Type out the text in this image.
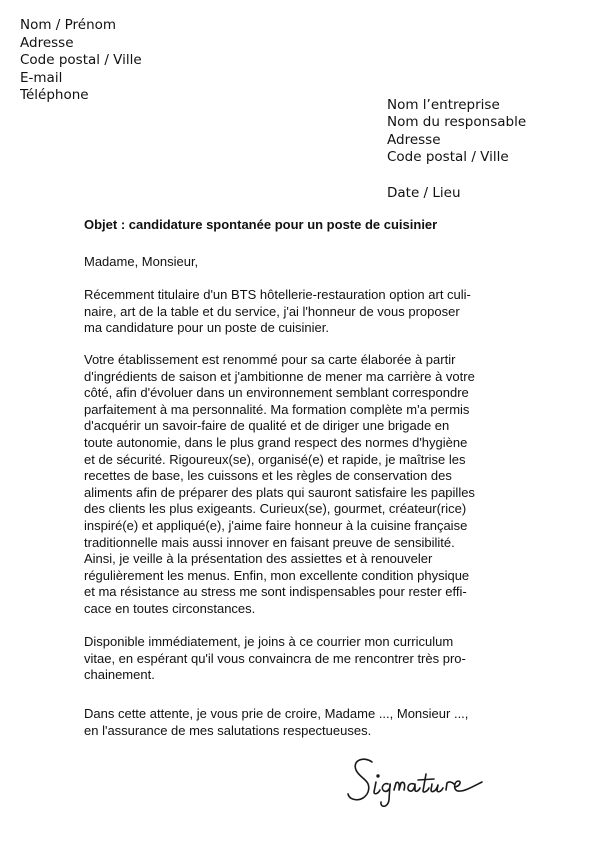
Nom / Prénom
Adresse
Code postal / Ville
E-mail
Téléphone
Nom l’entreprise
Nom du responsable
Adresse
Code postal / Ville
Date / Lieu
Objet : candidature spontanée pour un poste de cuisinier
Madame, Monsieur,
Récemment titulaire d'un BTS hôtellerie-restauration option art culi-
naire, art de la table et du service, j'ai l'honneur de vous proposer
ma candidature pour un poste de cuisinier.
Votre établissement est renommé pour sa carte élaborée à partir
d'ingrédients de saison et j'ambitionne de mener ma carrière à votre
côté, afin d'évoluer dans un environnement semblant correspondre
parfaitement à ma personnalité. Ma formation complète m'a permis
d'acquérir un savoir-faire de qualité et de diriger une brigade en
toute autonomie, dans le plus grand respect des normes d'hygiène
et de sécurité. Rigoureux(se), organisé(e) et rapide, je maîtrise les
recettes de base, les cuissons et les règles de conservation des
aliments afin de préparer des plats qui sauront satisfaire les papilles
des clients les plus exigeants. Curieux(se), gourmet, créateur(rice)
inspiré(e) et appliqué(e), j'aime faire honneur à la cuisine française
traditionnelle mais aussi innover en faisant preuve de sensibilité.
Ainsi, je veille à la présentation des assiettes et à renouveler
régulièrement les menus. Enfin, mon excellente condition physique
et ma résistance au stress me sont indispensables pour rester effi-
cace en toutes circonstances.
Disponible immédiatement, je joins à ce courrier mon curriculum
vitae, en espérant qu'il vous convaincra de me rencontrer très pro-
chainement.
Dans cette attente, je vous prie de croire, Madame ..., Monsieur ...,
en l'assurance de mes salutations respectueuses.
